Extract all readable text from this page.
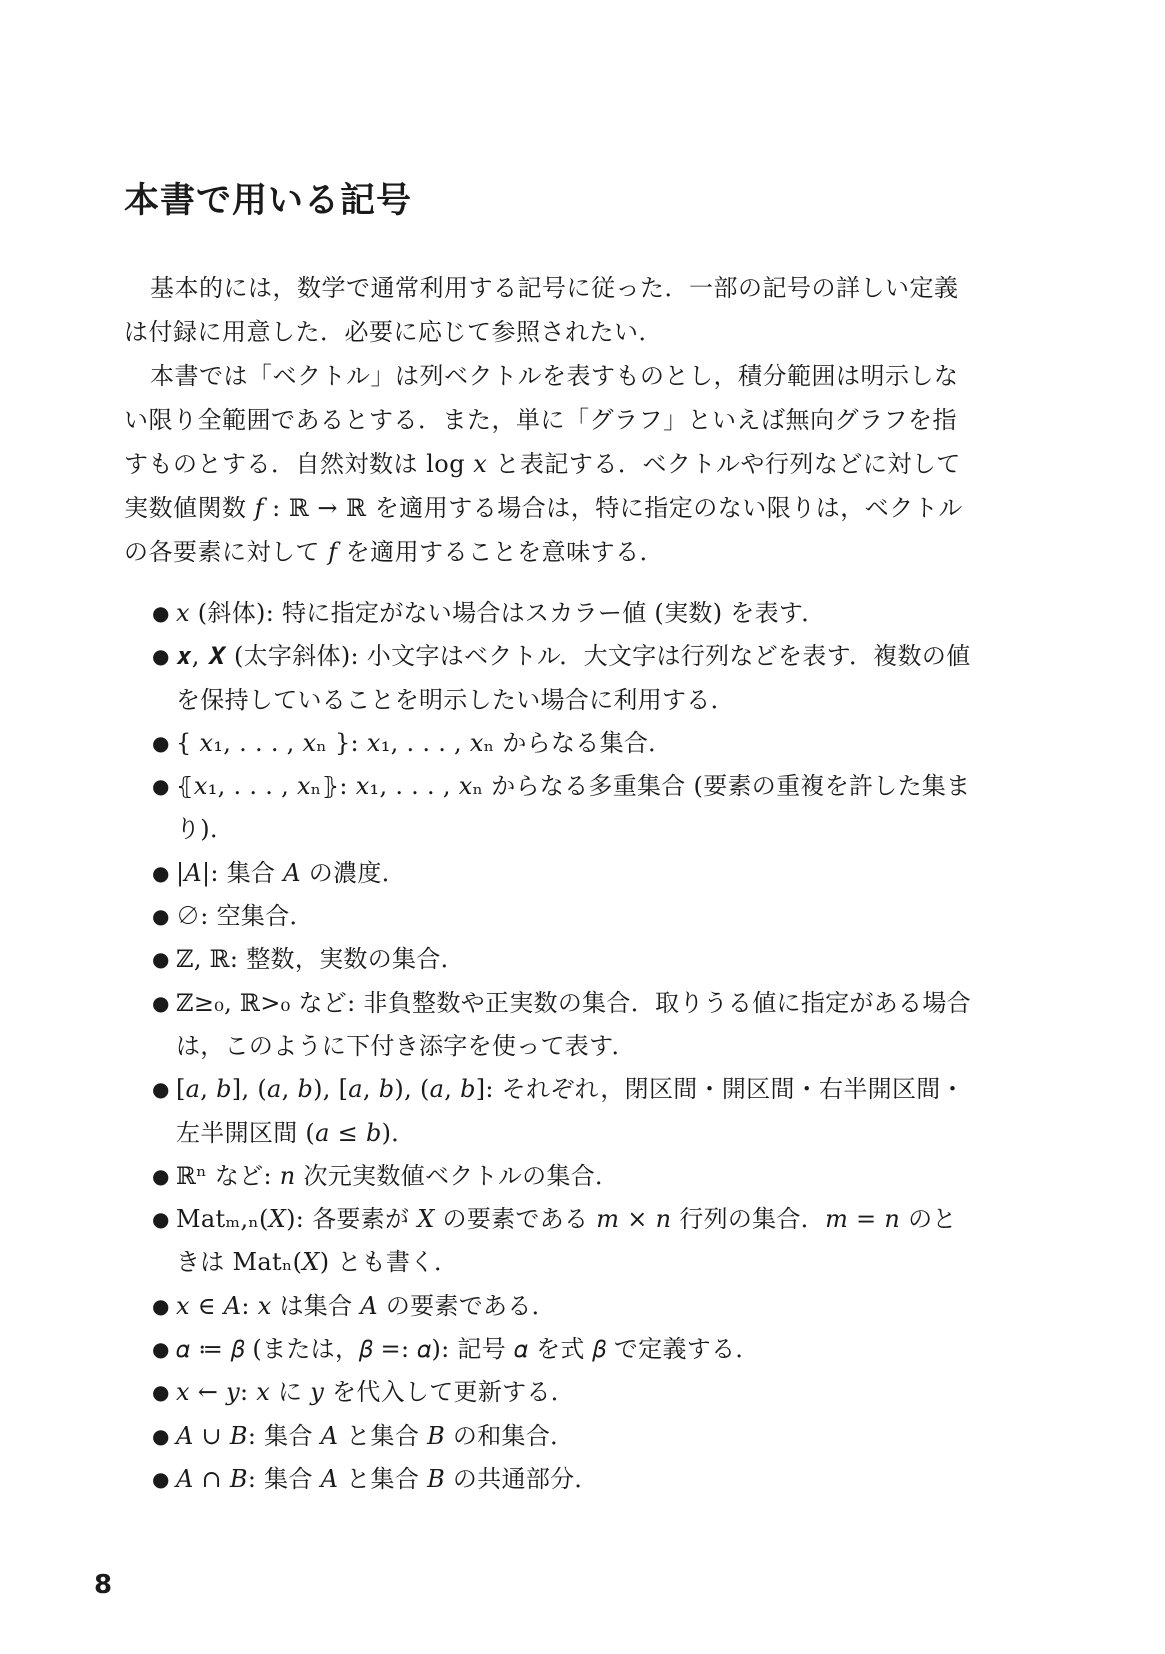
本書で用いる記号

基本的には，数学で通常利用する記号に従った．一部の記号の詳しい定義は付録に用意した．必要に応じて参照されたい．

本書では「ベクトル」は列ベクトルを表すものとし，積分範囲は明示しない限り全範囲であるとする．また，単に「グラフ」といえば無向グラフを指すものとする．自然対数は log 𝑥 と表記する．ベクトルや行列などに対して実数値関数 𝑓 : ℝ → ℝ を適用する場合は，特に指定のない限りは，ベクトルの各要素に対して 𝑓 を適用することを意味する．

● 𝑥 (斜体): 特に指定がない場合はスカラー値 (実数) を表す．
● 𝒙, 𝑿 (太字斜体): 小文字はベクトル．大文字は行列などを表す．複数の値を保持していることを明示したい場合に利用する．
● { 𝑥₁, . . . , 𝑥ₙ }: 𝑥₁, . . . , 𝑥ₙ からなる集合．
● ⦃𝑥₁, . . . , 𝑥ₙ⦄: 𝑥₁, . . . , 𝑥ₙ からなる多重集合 (要素の重複を許した集まり)．
● |𝐴|: 集合 𝐴 の濃度．
● ∅: 空集合．
● ℤ, ℝ: 整数，実数の集合．
● ℤ≥₀, ℝ>₀ など: 非負整数や正実数の集合．取りうる値に指定がある場合は，このように下付き添字を使って表す．
● [𝑎, 𝑏], (𝑎, 𝑏), [𝑎, 𝑏), (𝑎, 𝑏]: それぞれ，閉区間・開区間・右半開区間・左半開区間 (𝑎 ≤ 𝑏)．
● ℝⁿ など: 𝑛 次元実数値ベクトルの集合．
● Matₘ,ₙ(𝑋): 各要素が 𝑋 の要素である 𝑚 × 𝑛 行列の集合．𝑚 = 𝑛 のときは Matₙ(𝑋) とも書く．
● 𝑥 ∈ 𝐴: 𝑥 は集合 𝐴 の要素である．
● 𝛼 ≔ 𝛽 (または，𝛽 =: 𝛼): 記号 𝛼 を式 𝛽 で定義する．
● 𝑥 ← 𝑦: 𝑥 に 𝑦 を代入して更新する．
● 𝐴 ∪ 𝐵: 集合 𝐴 と集合 𝐵 の和集合．
● 𝐴 ∩ 𝐵: 集合 𝐴 と集合 𝐵 の共通部分．
8
